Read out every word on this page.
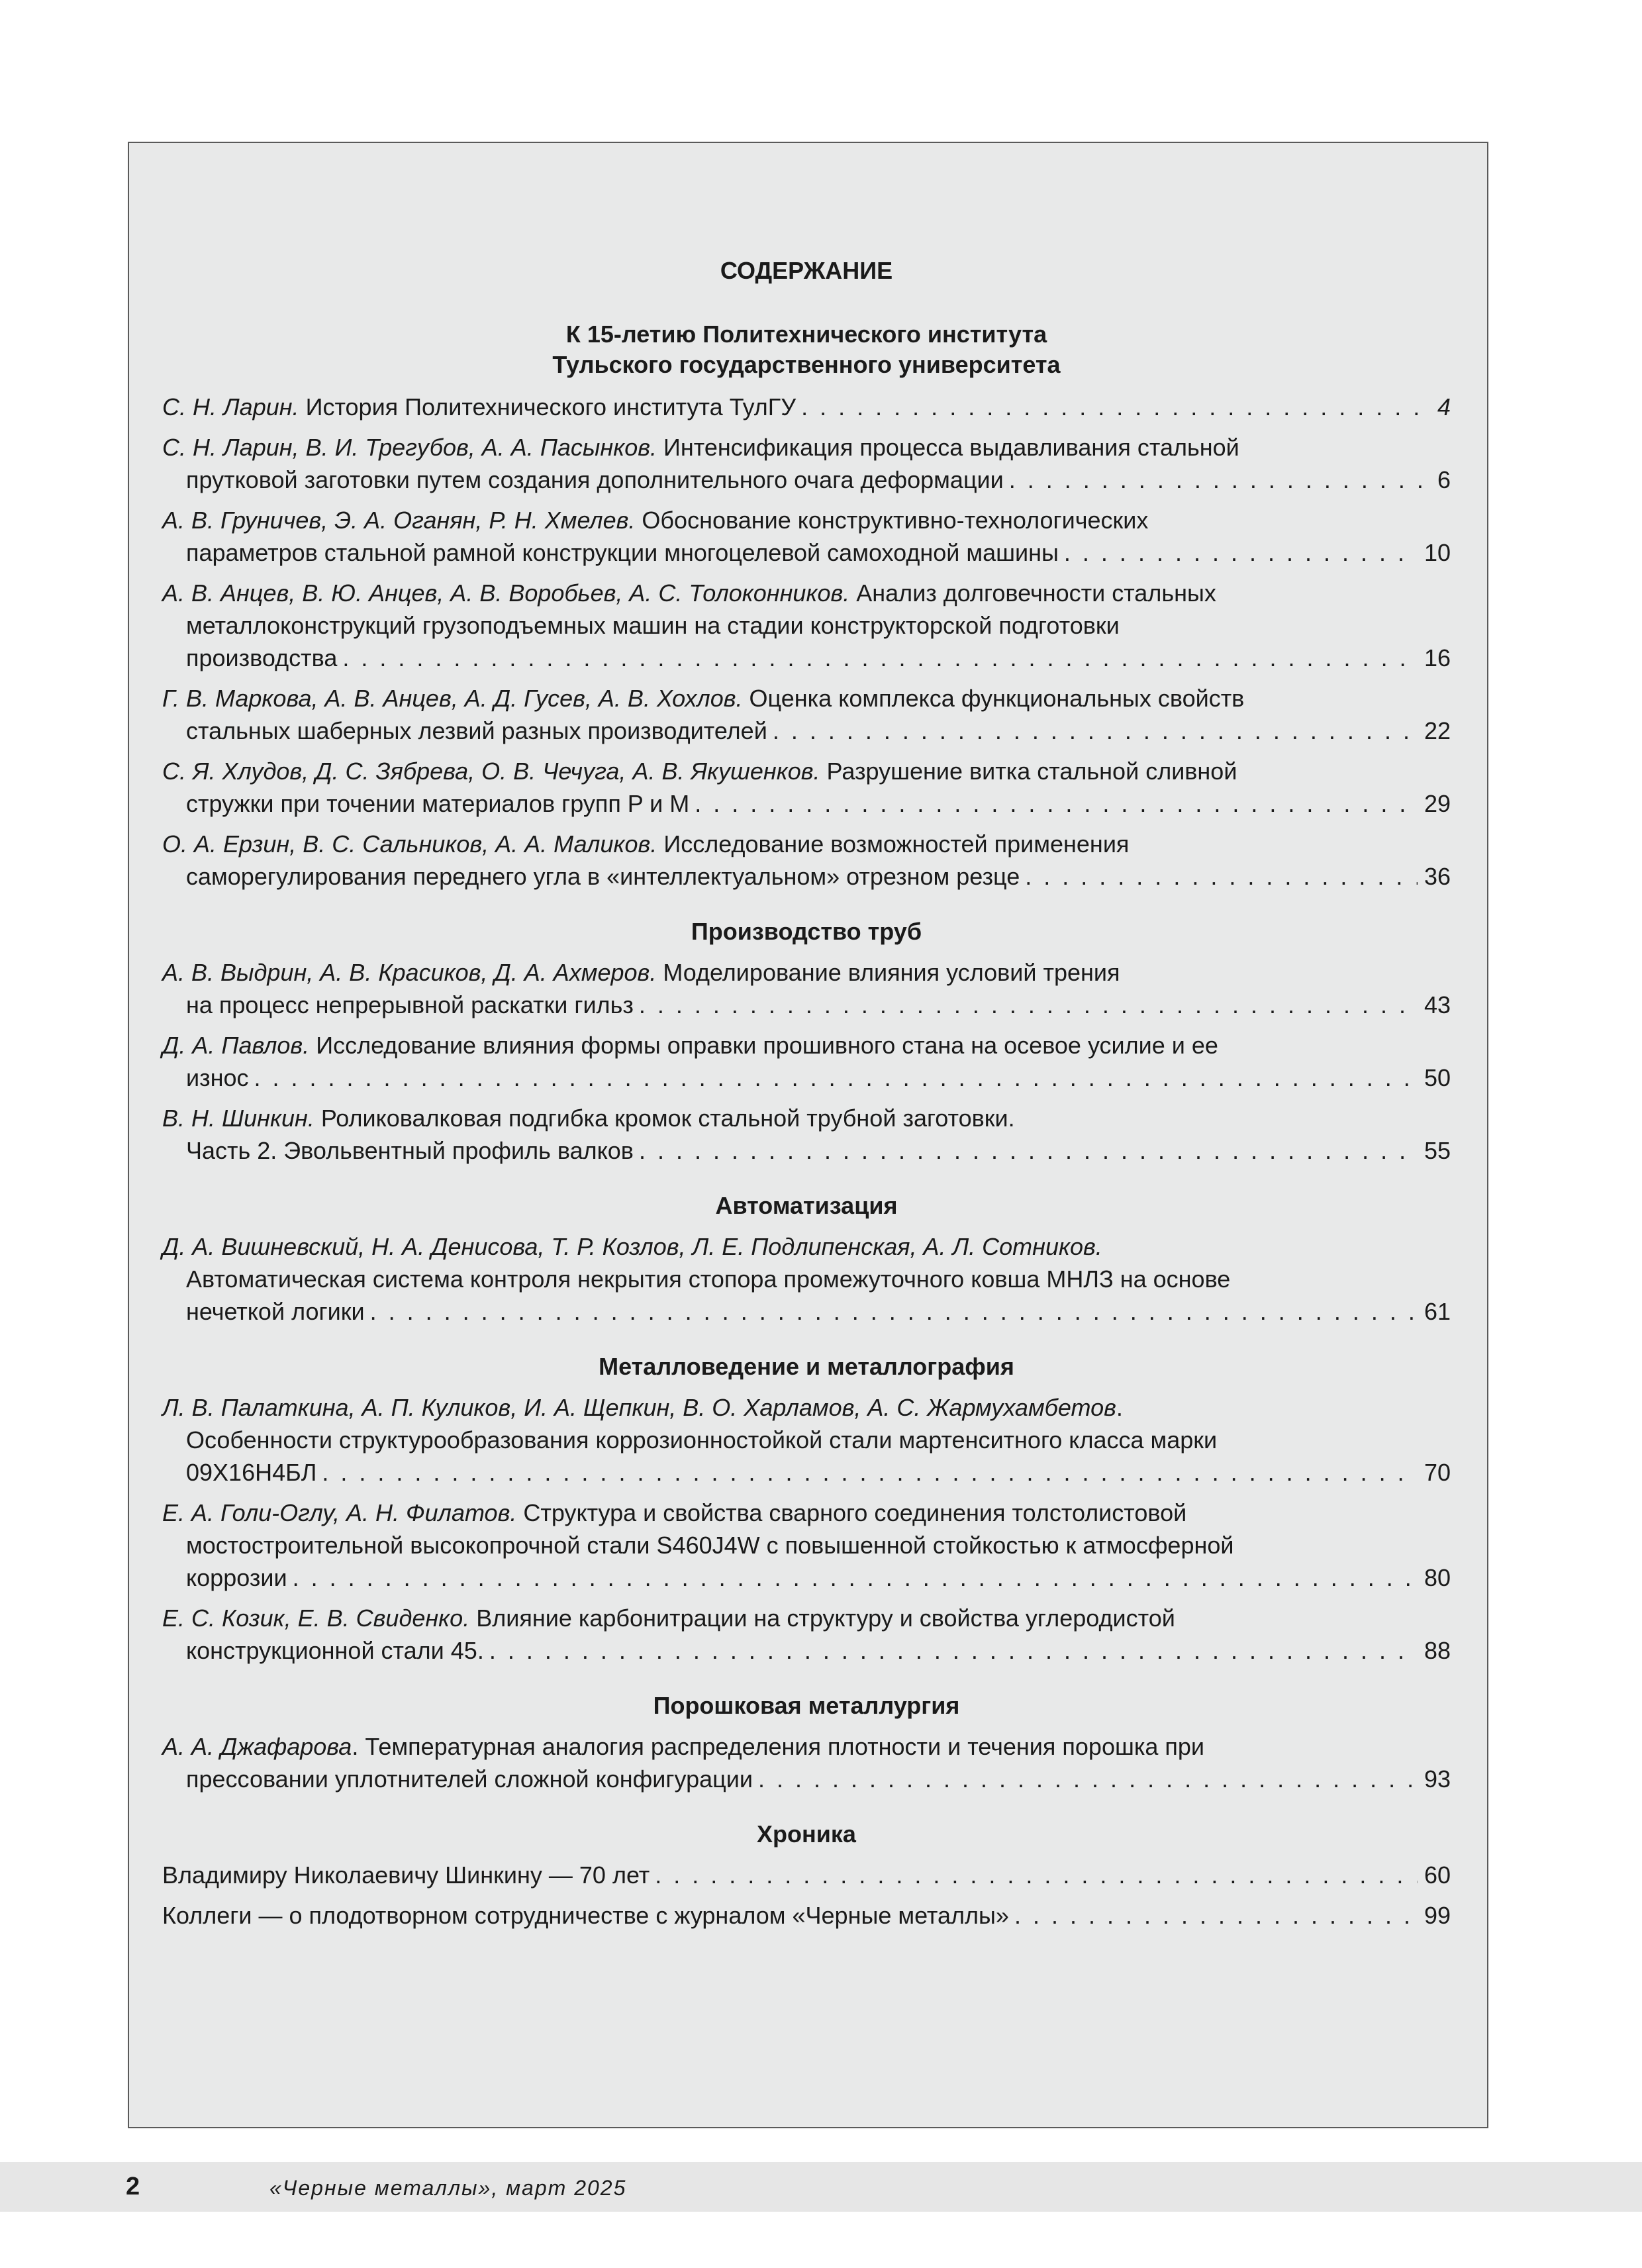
СОДЕРЖАНИЕ
К 15-летию Политехнического института
Тульского государственного университета
С. Н. Ларин. История Политехнического института ТулГУ . . .	4
С. Н. Ларин, В. И. Трегубов, А. А. Пасынков. Интенсификация процесса выдавливания стальной
прутковой заготовки путем создания дополнительного очага деформации . . .	6
А. В. Груничев, Э. А. Оганян, Р. Н. Хмелев. Обоснование конструктивно-технологических
параметров стальной рамной конструкции многоцелевой самоходной машины . . .	10
А. В. Анцев, В. Ю. Анцев, А. В. Воробьев, А. С. Толоконников. Анализ долговечности стальных
металлоконструкций грузоподъемных машин на стадии конструкторской подготовки
производства . . .	16
Г. В. Маркова, А. В. Анцев, А. Д. Гусев, А. В. Хохлов. Оценка комплекса функциональных свойств
стальных шаберных лезвий разных производителей . . .	22
С. Я. Хлудов, Д. С. Зябрева, О. В. Чечуга, А. В. Якушенков. Разрушение витка стальной сливной
стружки при точении материалов групп P и M . . .	29
О. А. Ерзин, В. С. Сальников, А. А. Маликов. Исследование возможностей применения
саморегулирования переднего угла в «интеллектуальном» отрезном резце . . .	36
Производство труб
А. В. Выдрин, А. В. Красиков, Д. А. Ахмеров. Моделирование влияния условий трения
на процесс непрерывной раскатки гильз . . .	43
Д. А. Павлов. Исследование влияния формы оправки прошивного стана на осевое усилие и ее
износ . . .	50
В. Н. Шинкин. Роликовалковая подгибка кромок стальной трубной заготовки.
Часть 2. Эвольвентный профиль валков . . .	55
Автоматизация
Д. А. Вишневский, Н. А. Денисова, Т. Р. Козлов, Л. Е. Подлипенская, А. Л. Сотников.
Автоматическая система контроля некрытия стопора промежуточного ковша МНЛЗ на основе
нечеткой логики . . .	61
Металловедение и металлография
Л. В. Палаткина, А. П. Куликов, И. А. Щепкин, В. О. Харламов, А. С. Жармухамбетов.
Особенности структурообразования коррозионностойкой стали мартенситного класса марки
09Х16Н4БЛ . . .	70
Е. А. Голи-Оглу, А. Н. Филатов. Структура и свойства сварного соединения толстолистовой
мостостроительной высокопрочной стали S460J4W с повышенной стойкостью к атмосферной
коррозии . . .	80
Е. С. Козик, Е. В. Свиденко. Влияние карбонитрации на структуру и свойства углеродистой
конструкционной стали 45. . . .	88
Порошковая металлургия
А. А. Джафарова. Температурная аналогия распределения плотности и течения порошка при
прессовании уплотнителей сложной конфигурации . . .	93
Хроника
Владимиру Николаевичу Шинкину — 70 лет . . .	60
Коллеги — о плодотворном сотрудничестве с журналом «Черные металлы» . . .	99
2	«Черные металлы», март 2025
